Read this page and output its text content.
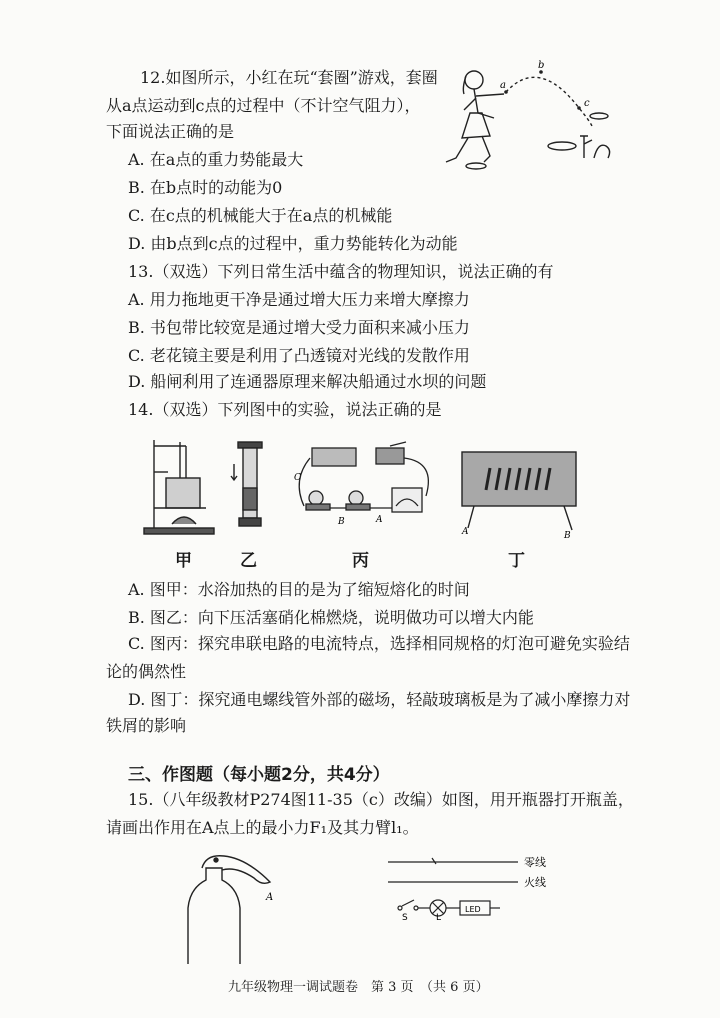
12.如图所示，小红在玩“套圈”游戏，套圈
从a点运动到c点的过程中（不计空气阻力），
下面说法正确的是
A. 在a点的重力势能最大
B. 在b点时的动能为0
C. 在c点的机械能大于在a点的机械能
D. 由b点到c点的过程中，重力势能转化为动能
a
b
c
13.（双选）下列日常生活中蕴含的物理知识，说法正确的有
A. 用力拖地更干净是通过增大压力来增大摩擦力
B. 书包带比较宽是通过增大受力面积来减小压力
C. 老花镜主要是利用了凸透镜对光线的发散作用
D. 船闸利用了连通器原理来解决船通过水坝的问题
14.（双选）下列图中的实验，说法正确的是
C
B	A
A	B
甲	乙	丙	丁
A. 图甲：水浴加热的目的是为了缩短熔化的时间
B. 图乙：向下压活塞硝化棉燃烧，说明做功可以增大内能
C. 图丙：探究串联电路的电流特点，选择相同规格的灯泡可避免实验结
论的偶然性
D. 图丁：探究通电螺线管外部的磁场，轻敲玻璃板是为了减小摩擦力对
铁屑的影响
三、作图题（每小题2分，共4分）
15.（八年级教材P274图11-35（c）改编）如图，用开瓶器打开瓶盖，
请画出作用在A点上的最小力F₁及其力臂l₁。
A
零线
火线
S	L
LED
九年级物理一调试题卷　第 3 页　（共 6 页）
